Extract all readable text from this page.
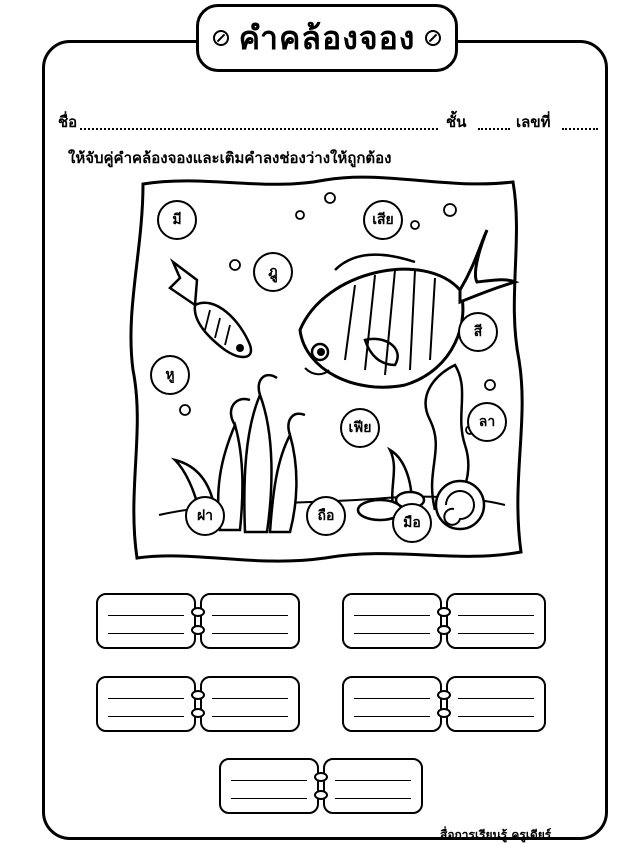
คำคล้องจอง
ชื่อ	ชั้น	เลขที่
ให้จับคู่คำคล้องจองและเติมคำลงช่องว่างให้ถูกต้อง
มี	เสีย
ฎู
หู
สี
ลา
เฟีย
ฝา	ถือ	มือ
สื่อการเรียนรู้ ครูเดียร์
